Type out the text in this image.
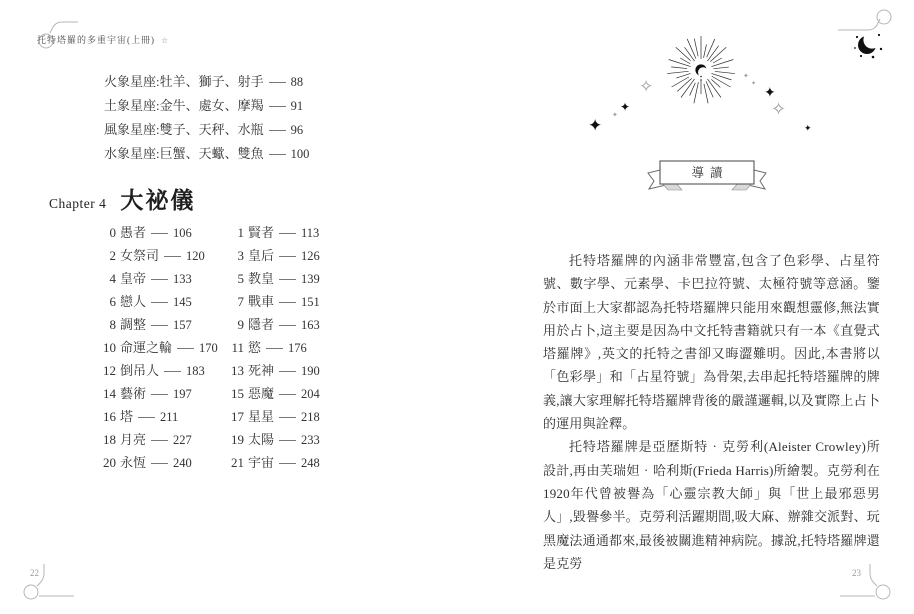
托特塔羅的多重宇宙(上冊) ☆
22	23
火象星座:牡羊、獅子、射手 88
土象星座:金牛、處女、摩羯 91
風象星座:雙子、天秤、水瓶 96
水象星座:巨蟹、天蠍、雙魚 100
Chapter 4 大祕儀
0 愚者 106	1 賢者 113
2 女祭司 120	3 皇后 126
4 皇帝 133	5 教皇 139
6 戀人 145	7 戰車 151
8 調整 157	9 隱者 163
10 命運之輪 170	11 慾 176
12 倒吊人 183	13 死神 190
14 藝術 197	15 惡魔 204
16 塔 211	17 星星 218
18 月亮 227	19 太陽 233
20 永恆 240	21 宇宙 248
✧
✦
✦
✦
✧
✦
✦
✦
✦
導讀

托特塔羅牌的內涵非常豐富,包含了色彩學、占星符號、數字學、元素學、卡巴拉符號、太極符號等意涵。鑒於市面上大家都認為托特塔羅牌只能用來觀想靈修,無法實用於占卜,這主要是因為中文托特書籍就只有一本《直覺式塔羅牌》,英文的托特之書卻又晦澀難明。因此,本書將以「色彩學」和「占星符號」為骨架,去串起托特塔羅牌的牌義,讓大家理解托特塔羅牌背後的嚴謹邏輯,以及實際上占卜的運用與詮釋。

托特塔羅牌是亞歷斯特‧克勞利(Aleister Crowley)所設計,再由芙瑞妲‧哈利斯(Frieda Harris)所繪製。克勞利在1920年代曾被譽為「心靈宗教大師」與「世上最邪惡男人」,毀譽參半。克勞利活躍期間,吸大麻、辦雜交派對、玩黑魔法通通都來,最後被關進精神病院。據說,托特塔羅牌還是克勞
